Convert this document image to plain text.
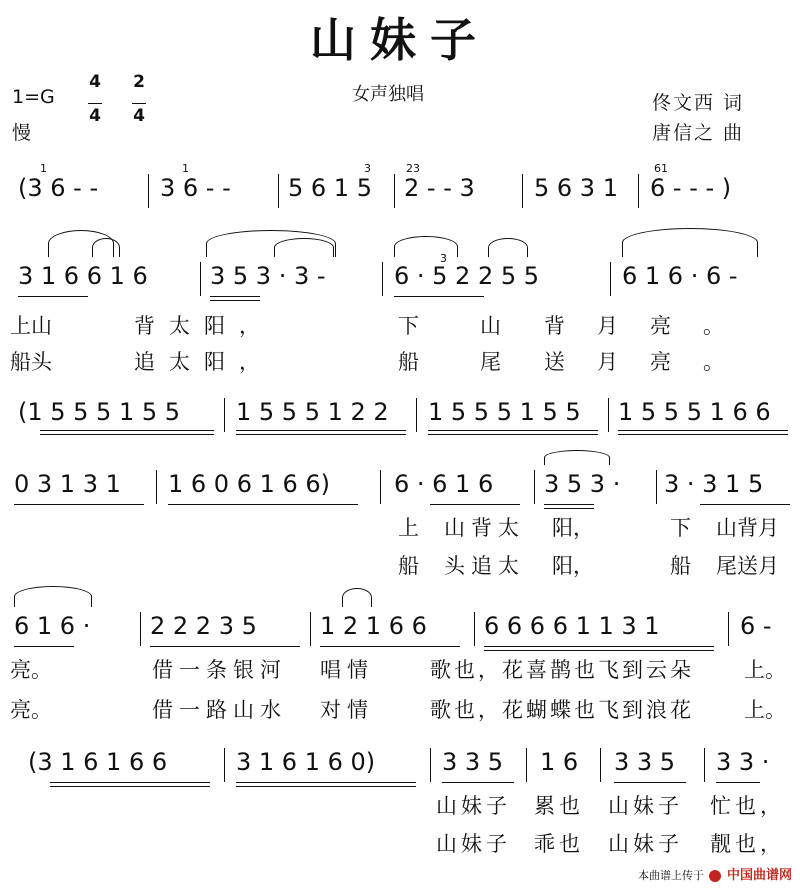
山妹子
1=G
4

4
2

4
慢
女声独唱	佟文西 词
唐信之 曲
(3 6 - -	3 6 - - 5 6 1 5 2 - - 3 5 6 3 1 6 - - - )
1	1	3	23	61
3 1 6 6 1 6	3 5 3 · 3 -	6 · 5 2 2 5 5	6 1 6 · 6 -
3
上山	背太阳，	下	山 背月亮。
船头	追太阳，	船	尾 送月亮。
(1 5 5 5 1 5 5 1 5 5 5 1 2 2 1 5 5 5 1 5 5 1 5 5 5 1 6 6
0 3 1 3 1 1 6 0 6 1 6 6)	6 · 6 1 6 3 5 3 · 3 · 3 1 5
上 山背太 阳，	下 山背月
船 头追太 阳，	船 尾送月
6 1 6 · 2 2 2 3 5	1 2 1 6 6 6 6 6 6 1 1 3 1	6 -
亮。	借一条银河 唱情	歌也，花喜鹊也飞到云朵 上。
亮。	借一路山水 对情	歌也，花蝴蝶也飞到浪花 上。
(3 1 6 1 6 6	3 1 6 1 6 0)	3 3 5 1 6 3 3 5 3 3 ·
山妹子 累也 山妹子 忙也，
山妹子 乖也 山妹子 靓也，
本曲谱上传于 中国曲谱网
